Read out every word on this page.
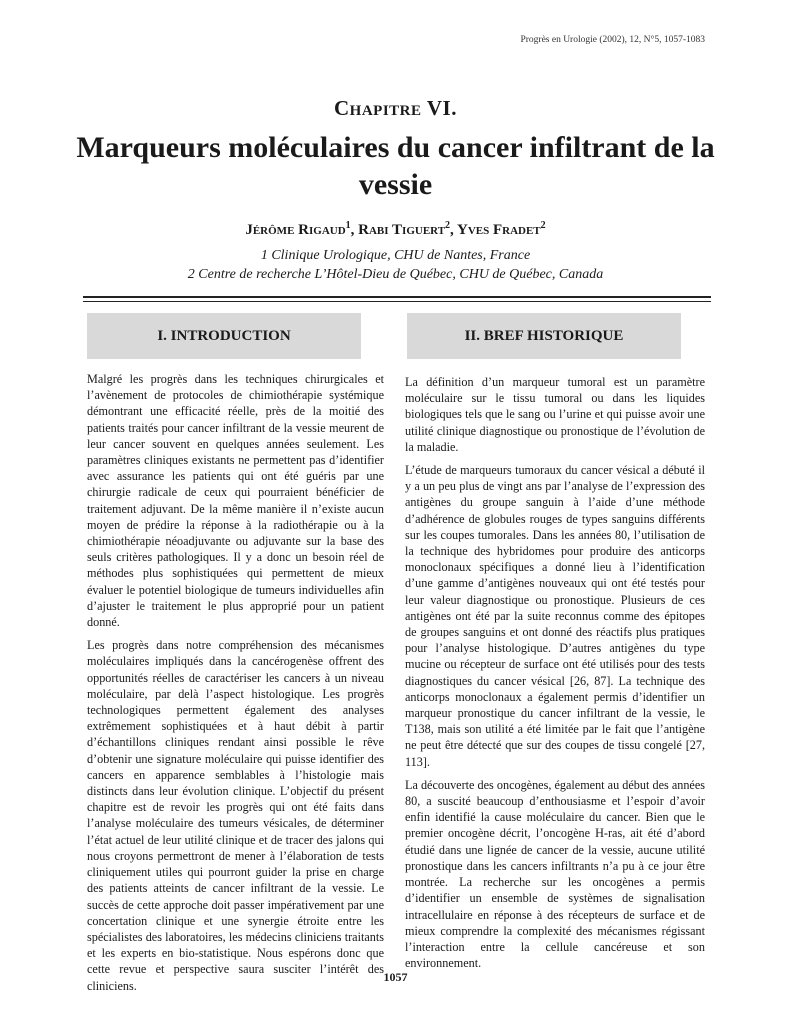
Progrès en Urologie (2002), 12, N°5, 1057-1083
Chapitre VI.
Marqueurs moléculaires du cancer infiltrant de la vessie
Jérôme Rigaud$^1$, Rabi Tiguert$^2$, Yves Fradet$^2$
1 Clinique Urologique, CHU de Nantes, France
2 Centre de recherche L’Hôtel-Dieu de Québec, CHU de Québec, Canada
I. INTRODUCTION	II. BREF HISTORIQUE

Malgré les progrès dans les techniques chirurgicales et l’avènement de protocoles de chimiothérapie systémique démontrant une efficacité réelle, près de la moitié des patients traités pour cancer infiltrant de la vessie meurent de leur cancer souvent en quelques années seulement. Les paramètres cliniques existants ne permettent pas d’identifier avec assurance les patients qui ont été guéris par une chirurgie radicale de ceux qui pourraient bénéficier de traitement adjuvant. De la même manière il n’existe aucun moyen de prédire la réponse à la radiothérapie ou à la chimiothérapie néoadjuvante ou adjuvante sur la base des seuls critères pathologiques. Il y a donc un besoin réel de méthodes plus sophistiquées qui permettent de mieux évaluer le potentiel biologique de tumeurs individuelles afin d’ajuster le traitement le plus approprié pour un patient donné.

Les progrès dans notre compréhension des mécanismes moléculaires impliqués dans la cancérogenèse offrent des opportunités réelles de caractériser les cancers à un niveau moléculaire, par delà l’aspect histologique. Les progrès technologiques permettent également des analyses extrêmement sophistiquées et à haut débit à partir d’échantillons cliniques rendant ainsi possible le rêve d’obtenir une signature moléculaire qui puisse identifier des cancers en apparence semblables à l’histologie mais distincts dans leur évolution clinique. L’objectif du présent chapitre est de revoir les progrès qui ont été faits dans l’analyse moléculaire des tumeurs vésicales, de déterminer l’état actuel de leur utilité clinique et de tracer des jalons qui nous croyons permettront de mener à l’élaboration de tests cliniquement utiles qui pourront guider la prise en charge des patients atteints de cancer infiltrant de la vessie. Le succès de cette approche doit passer impérativement par une concertation clinique et une synergie étroite entre les spécialistes des laboratoires, les médecins cliniciens traitants et les experts en bio-statistique. Nous espérons donc que cette revue et perspective saura susciter l’intérêt des cliniciens.

La définition d’un marqueur tumoral est un paramètre moléculaire sur le tissu tumoral ou dans les liquides biologiques tels que le sang ou l’urine et qui puisse avoir une utilité clinique diagnostique ou pronostique de l’évolution de la maladie.

L’étude de marqueurs tumoraux du cancer vésical a débuté il y a un peu plus de vingt ans par l’analyse de l’expression des antigènes du groupe sanguin à l’aide d’une méthode d’adhérence de globules rouges de types sanguins différents sur les coupes tumorales. Dans les années 80, l’utilisation de la technique des hybridomes pour produire des anticorps monoclonaux spécifiques a donné lieu à l’identification d’une gamme d’antigènes nouveaux qui ont été testés pour leur valeur diagnostique ou pronostique. Plusieurs de ces antigènes ont été par la suite reconnus comme des épitopes de groupes sanguins et ont donné des réactifs plus pratiques pour l’analyse histologique. D’autres antigènes du type mucine ou récepteur de surface ont été utilisés pour des tests diagnostiques du cancer vésical [26, 87]. La technique des anticorps monoclonaux a également permis d’identifier un marqueur pronostique du cancer infiltrant de la vessie, le T138, mais son utilité a été limitée par le fait que l’antigène ne peut être détecté que sur des coupes de tissu congelé [27, 113].

La découverte des oncogènes, également au début des années 80, a suscité beaucoup d’enthousiasme et l’espoir d’avoir enfin identifié la cause moléculaire du cancer. Bien que le premier oncogène décrit, l’oncogène H-ras, ait été d’abord étudié dans une lignée de cancer de la vessie, aucune utilité pronostique dans les cancers infiltrants n’a pu à ce jour être montrée. La recherche sur les oncogènes a permis d’identifier un ensemble de systèmes de signalisation intracellulaire en réponse à des récepteurs de surface et de mieux comprendre la complexité des mécanismes régissant l’interaction entre la cellule cancéreuse et son environnement.

1057
